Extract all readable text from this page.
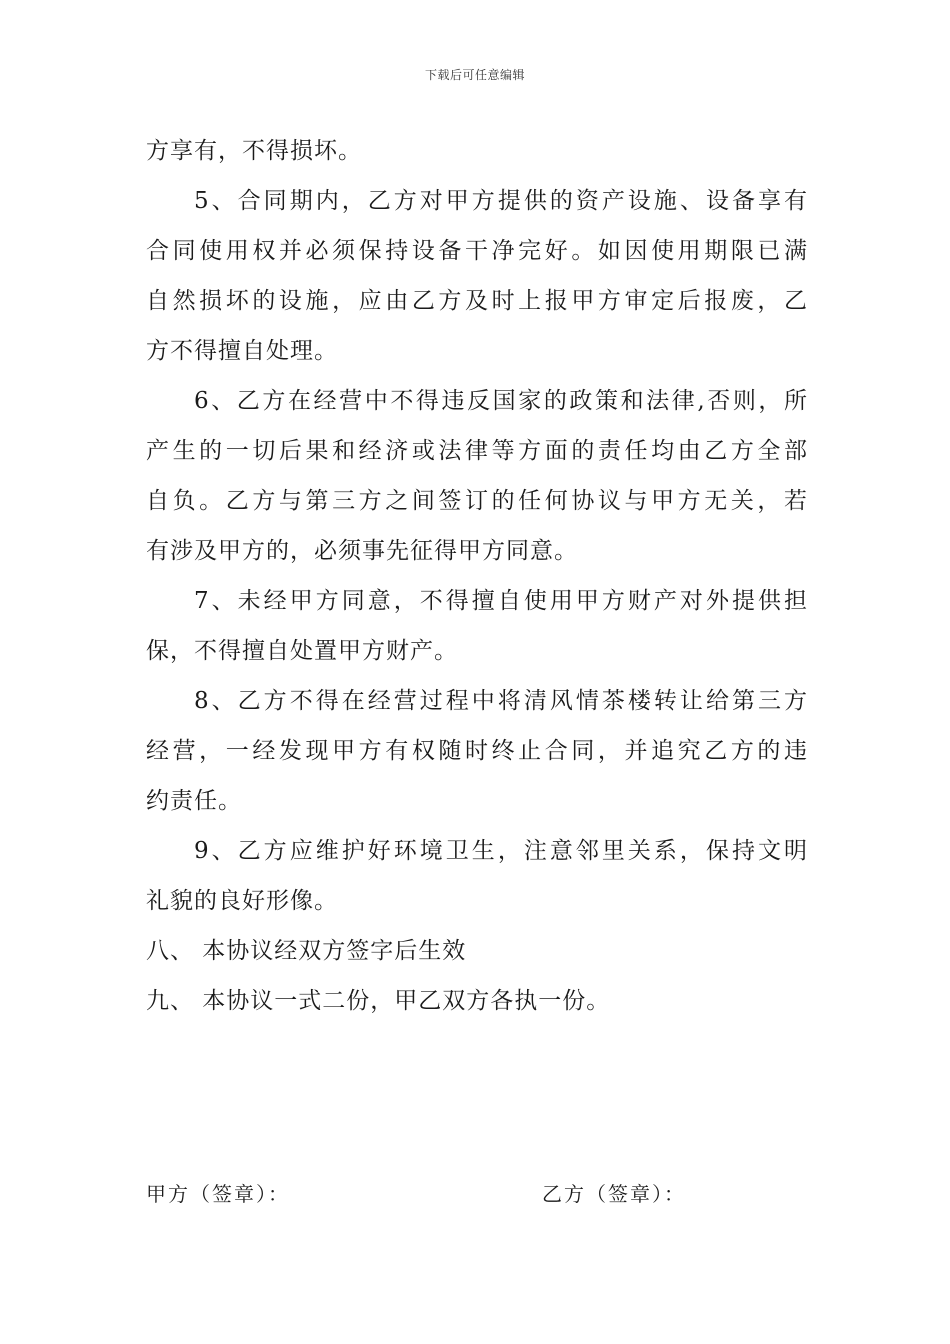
下载后可任意编辑
方享有，不得损坏。
5、合同期内，乙方对甲方提供的资产设施、设备享有
合同使用权并必须保持设备干净完好。如因使用期限已满
自然损坏的设施，应由乙方及时上报甲方审定后报废，乙
方不得擅自处理。
6、乙方在经营中不得违反国家的政策和法律,否则，所
产生的一切后果和经济或法律等方面的责任均由乙方全部
自负。乙方与第三方之间签订的任何协议与甲方无关，若
有涉及甲方的，必须事先征得甲方同意。
7、未经甲方同意，不得擅自使用甲方财产对外提供担
保，不得擅自处置甲方财产。
8、乙方不得在经营过程中将清风情茶楼转让给第三方
经营，一经发现甲方有权随时终止合同，并追究乙方的违
约责任。
9、乙方应维护好环境卫生，注意邻里关系，保持文明
礼貌的良好形像。
八、 本协议经双方签字后生效
九、 本协议一式二份，甲乙双方各执一份。
甲方（签章）：	乙方（签章）：
